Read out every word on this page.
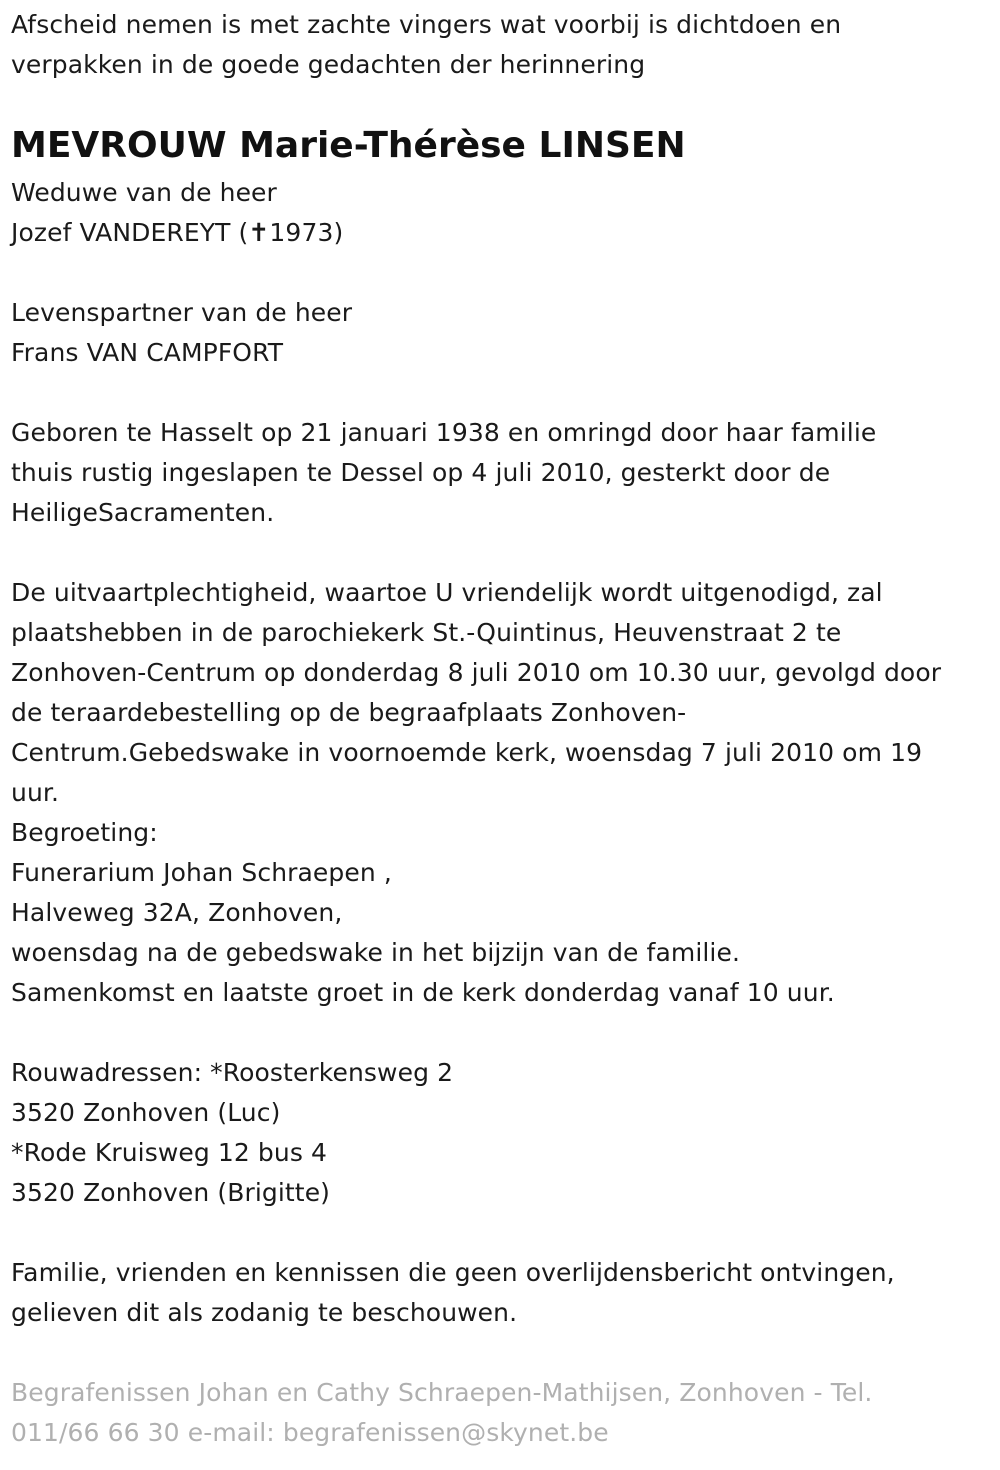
Afscheid nemen is met zachte vingers wat voorbij is dichtdoen en

verpakken in de goede gedachten der herinnering

MEVROUW Marie-Thérèse LINSEN

Weduwe van de heer

Jozef VANDEREYT (✝1973)

Levenspartner van de heer

Frans VAN CAMPFORT

Geboren te Hasselt op 21 januari 1938 en omringd door haar familie

thuis rustig ingeslapen te Dessel op 4 juli 2010, gesterkt door de

HeiligeSacramenten.

De uitvaartplechtigheid, waartoe U vriendelijk wordt uitgenodigd, zal

plaatshebben in de parochiekerk St.-Quintinus, Heuvenstraat 2 te

Zonhoven-Centrum op donderdag 8 juli 2010 om 10.30 uur, gevolgd door

de teraardebestelling op de begraafplaats Zonhoven-

Centrum.Gebedswake in voornoemde kerk, woensdag 7 juli 2010 om 19

uur.

Begroeting:

Funerarium Johan Schraepen ,

Halveweg 32A, Zonhoven,

woensdag na de gebedswake in het bijzijn van de familie.

Samenkomst en laatste groet in de kerk donderdag vanaf 10 uur.

Rouwadressen: *Roosterkensweg 2

3520 Zonhoven (Luc)

*Rode Kruisweg 12 bus 4

3520 Zonhoven (Brigitte)

Familie, vrienden en kennissen die geen overlijdensbericht ontvingen,

gelieven dit als zodanig te beschouwen.

Begrafenissen Johan en Cathy Schraepen-Mathijsen, Zonhoven - Tel.

011/66 66 30 e-mail: begrafenissen@skynet.be
